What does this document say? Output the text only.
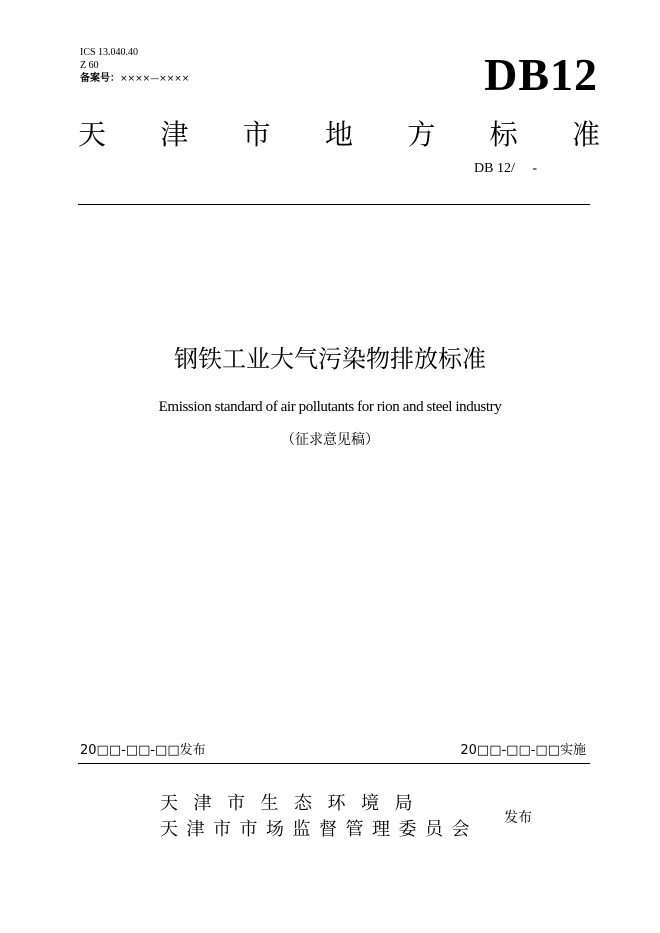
ICS 13.040.40
Z 60
备案号：××××—××××	DB12
天 津 市 地 方 标 准
DB 12/     -
钢铁工业大气污染物排放标准
Emission standard of air pollutants for rion and steel industry
（征求意见稿）
20□□-□□-□□发布	20□□-□□-□□实施
天津市生态环境局
天津市市场监督管理委员会
发布
